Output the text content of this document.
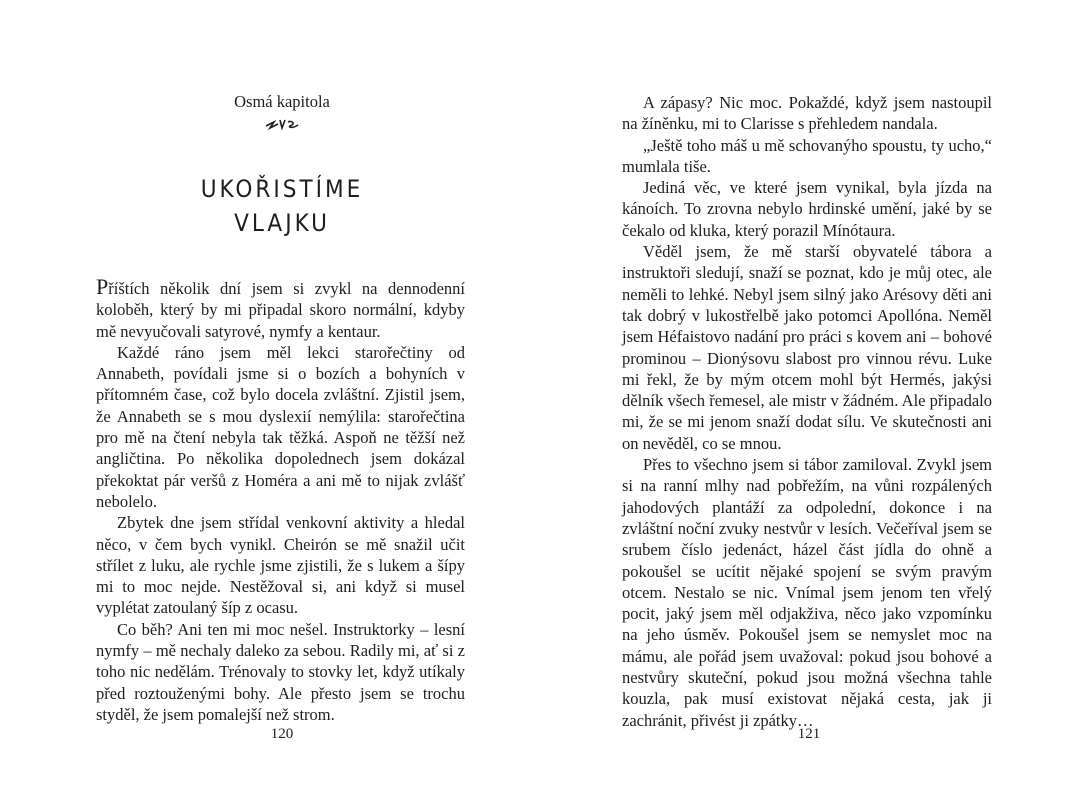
Osmá kapitola
UKOŘISTÍME
VLAJKU

Příštích několik dní jsem si zvykl na dennodenní koloběh, který by mi připadal skoro normální, kdyby mě nevyučovali satyrové, nymfy a kentaur.

Každé ráno jsem měl lekci starořečtiny od Annabeth, povídali jsme si o bozích a bohyních v přítomném čase, což bylo docela zvláštní. Zjistil jsem, že Annabeth se s mou dyslexií nemýlila: starořečtina pro mě na čtení nebyla tak těžká. Aspoň ne těžší než angličtina. Po několika dopolednech jsem dokázal překoktat pár veršů z Homéra a ani mě to nijak zvlášť nebolelo.

Zbytek dne jsem střídal venkovní aktivity a hledal něco, v čem bych vynikl. Cheirón se mě snažil učit střílet z luku, ale rychle jsme zjistili, že s lukem a šípy mi to moc nejde. Nestěžoval si, ani když si musel vyplétat zatoulaný šíp z ocasu.

Co běh? Ani ten mi moc nešel. Instruktorky – lesní nymfy – mě nechaly daleko za sebou. Radily mi, ať si z toho nic nedělám. Trénovaly to stovky let, když utíkaly před roztouženými bohy. Ale přesto jsem se trochu styděl, že jsem pomalejší než strom.

120

A zápasy? Nic moc. Pokaždé, když jsem nastoupil na žíněnku, mi to Clarisse s přehledem nandala.

„Ještě toho máš u mě schovanýho spoustu, ty ucho,“ mumlala tiše.

Jediná věc, ve které jsem vynikal, byla jízda na kánoích. To zrovna nebylo hrdinské umění, jaké by se čekalo od kluka, který porazil Mínótaura.

Věděl jsem, že mě starší obyvatelé tábora a instruktoři sledují, snaží se poznat, kdo je můj otec, ale neměli to lehké. Nebyl jsem silný jako Arésovy děti ani tak dobrý v lukostřelbě jako potomci Apollóna. Neměl jsem Héfaistovo nadání pro práci s kovem ani – bohové prominou – Dionýsovu slabost pro vinnou révu. Luke mi řekl, že by mým otcem mohl být Hermés, jakýsi dělník všech řemesel, ale mistr v žádném. Ale připadalo mi, že se mi jenom snaží dodat sílu. Ve skutečnosti ani on nevěděl, co se mnou.

Přes to všechno jsem si tábor zamiloval. Zvykl jsem si na ranní mlhy nad pobřežím, na vůni rozpálených jahodových plantáží za odpolední, dokonce i na zvláštní noční zvuky nestvůr v lesích. Večeříval jsem se srubem číslo jedenáct, házel část jídla do ohně a pokoušel se ucítit nějaké spojení se svým pravým otcem. Nestalo se nic. Vnímal jsem jenom ten vřelý pocit, jaký jsem měl odjakživa, něco jako vzpomínku na jeho úsměv. Pokoušel jsem se nemyslet moc na mámu, ale pořád jsem uvažoval: pokud jsou bohové a nestvůry skuteční, pokud jsou možná všechna tahle kouzla, pak musí existovat nějaká cesta, jak ji zachránit, přivést ji zpátky…

121
